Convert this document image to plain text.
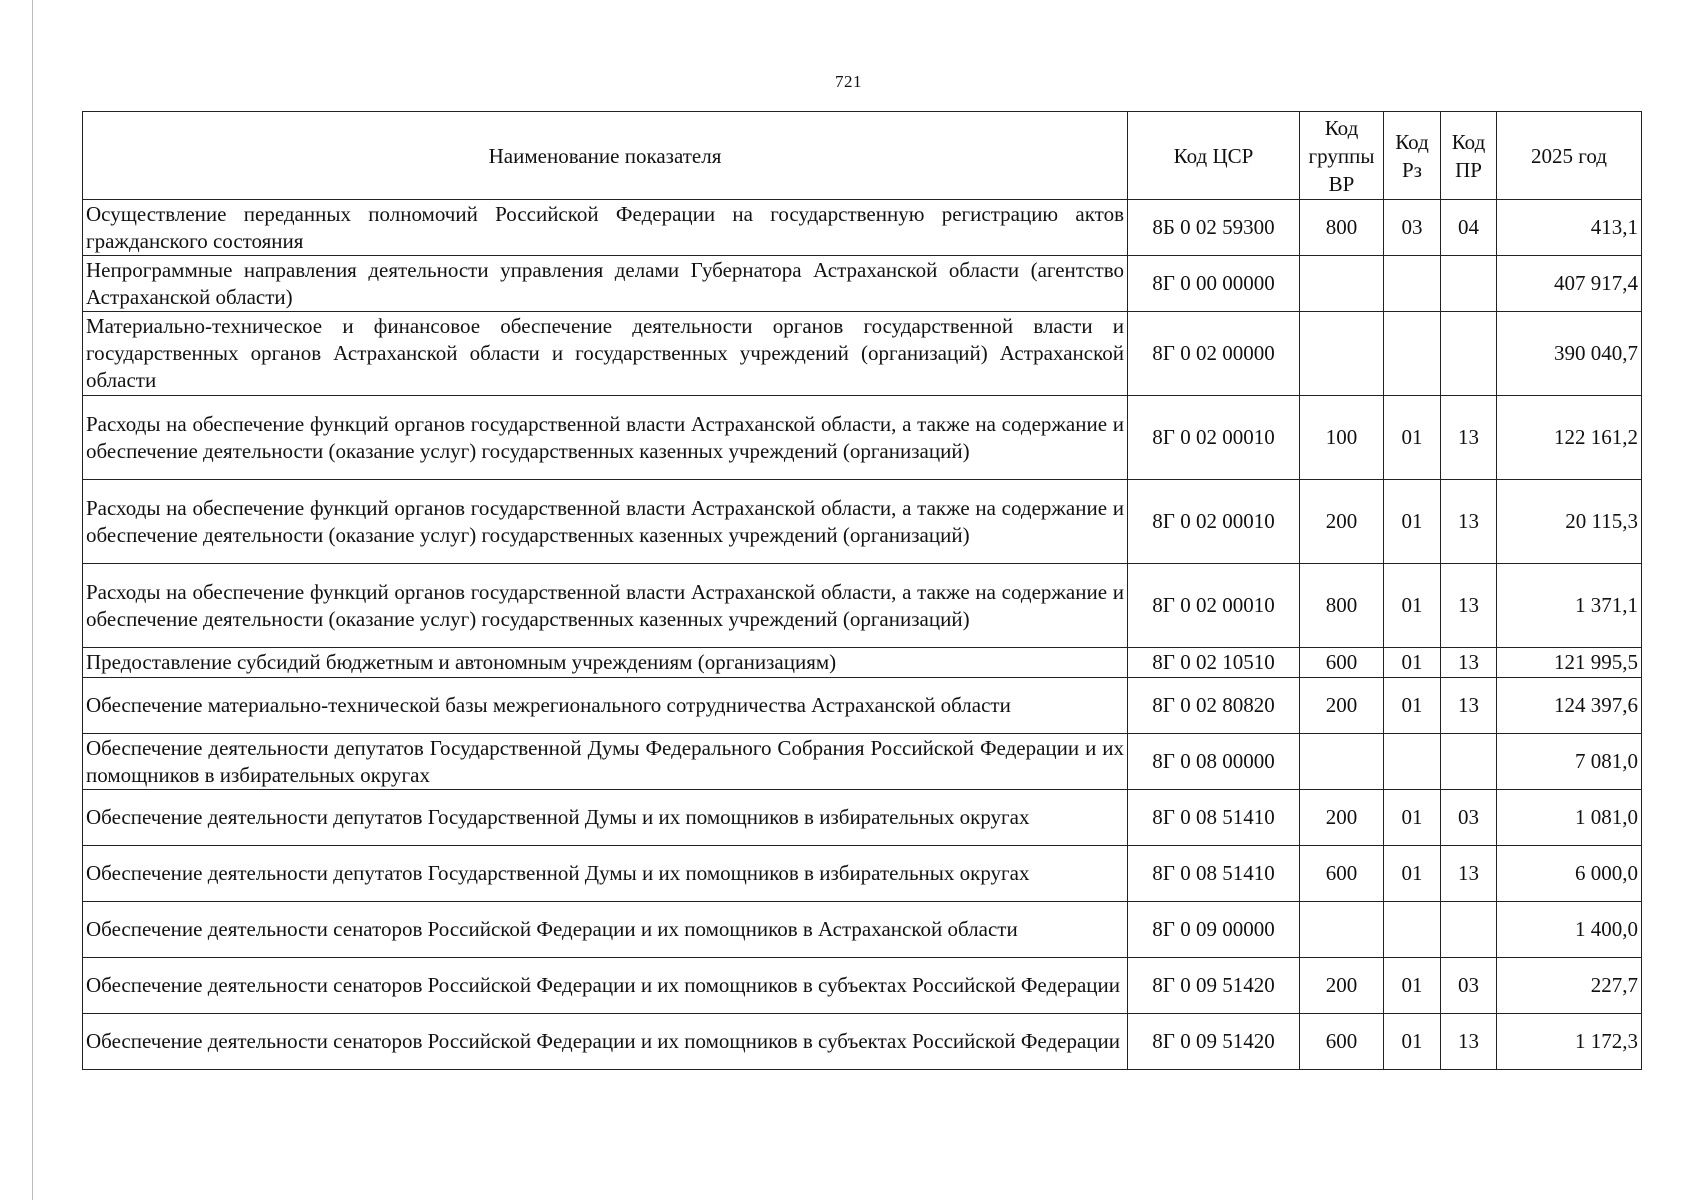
721
Наименование показателя	Код ЦСР	Код группы ВР	Код Рз	Код ПР	2025 год
Осуществление переданных полномочий Российской Федерации на государственную регистрацию актов гражданского состояния	8Б 0 02 59300	800	03	04	413,1
Непрограммные направления деятельности управления делами Губернатора Астраханской области (агентство Астраханской области)	8Г 0 00 00000				407 917,4
Материально-техническое и финансовое обеспечение деятельности органов государственной власти и государственных органов Астраханской области и государственных учреждений (организаций) Астраханской области	8Г 0 02 00000				390 040,7
Расходы на обеспечение функций органов государственной власти Астраханской области, а также на содержание и обеспечение деятельности (оказание услуг) государственных казенных учреждений (организаций)	8Г 0 02 00010	100	01	13	122 161,2
Расходы на обеспечение функций органов государственной власти Астраханской области, а также на содержание и обеспечение деятельности (оказание услуг) государственных казенных учреждений (организаций)	8Г 0 02 00010	200	01	13	20 115,3
Расходы на обеспечение функций органов государственной власти Астраханской области, а также на содержание и обеспечение деятельности (оказание услуг) государственных казенных учреждений (организаций)	8Г 0 02 00010	800	01	13	1 371,1
Предоставление субсидий бюджетным и автономным учреждениям (организациям)	8Г 0 02 10510	600	01	13	121 995,5
Обеспечение материально-технической базы межрегионального сотрудничества Астраханской области	8Г 0 02 80820	200	01	13	124 397,6
Обеспечение деятельности депутатов Государственной Думы Федерального Собрания Российской Федерации и их помощников в избирательных округах	8Г 0 08 00000				7 081,0
Обеспечение деятельности депутатов Государственной Думы и их помощников в избирательных округах	8Г 0 08 51410	200	01	03	1 081,0
Обеспечение деятельности депутатов Государственной Думы и их помощников в избирательных округах	8Г 0 08 51410	600	01	13	6 000,0
Обеспечение деятельности сенаторов Российской Федерации и их помощников в Астраханской области	8Г 0 09 00000				1 400,0
Обеспечение деятельности сенаторов Российской Федерации и их помощников в субъектах Российской Федерации	8Г 0 09 51420	200	01	03	227,7
Обеспечение деятельности сенаторов Российской Федерации и их помощников в субъектах Российской Федерации	8Г 0 09 51420	600	01	13	1 172,3
